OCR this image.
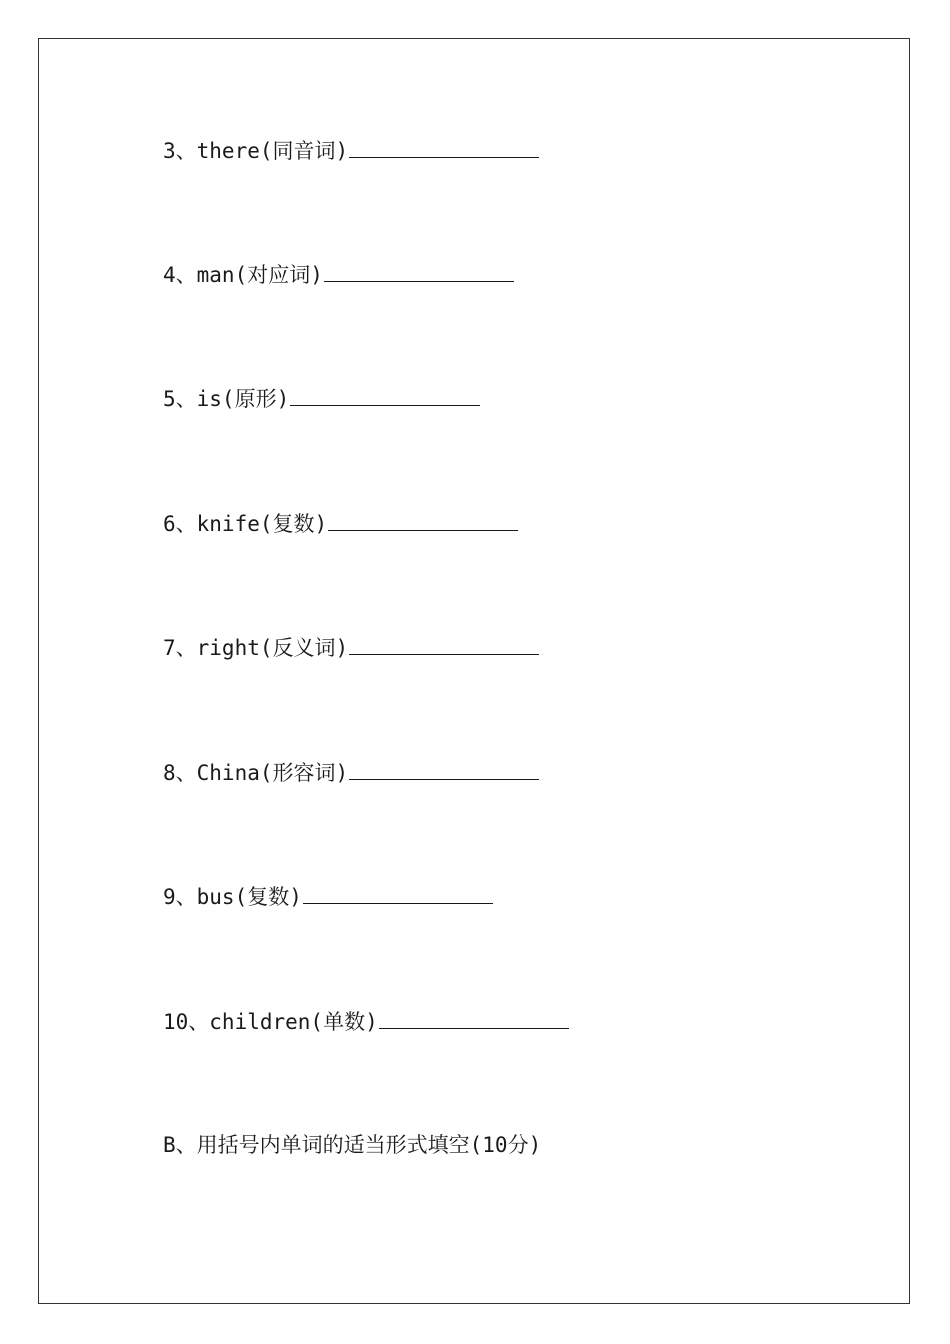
3、there(同音词)
4、man(对应词)
5、is(原形)
6、knife(复数)
7、right(反义词)
8、China(形容词)
9、bus(复数)
10、children(单数)
B、用括号内单词的适当形式填空(10分)
